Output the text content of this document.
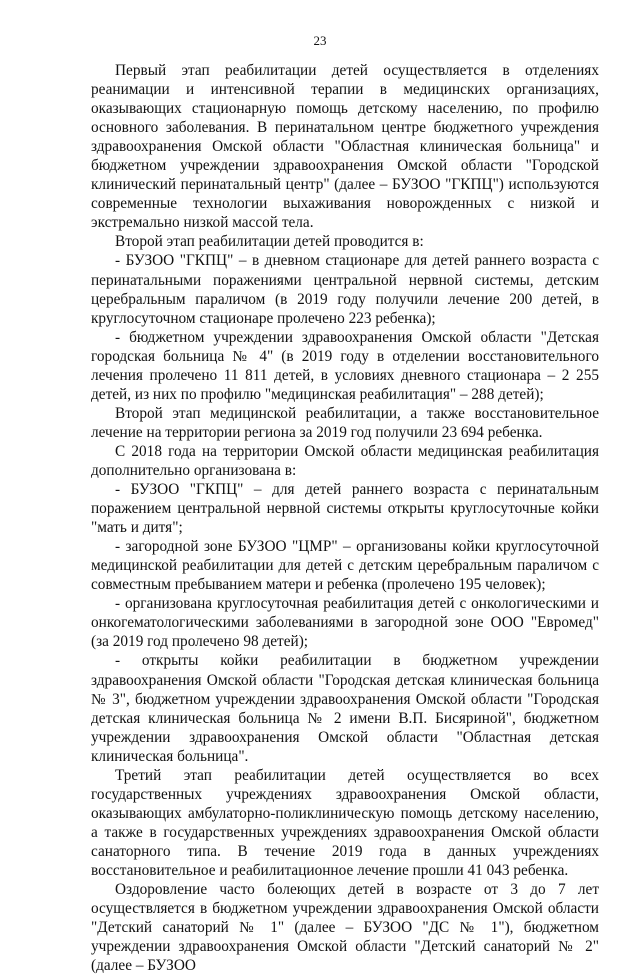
23

Первый этап реабилитации детей осуществляется в отделениях реанимации и интенсивной терапии в медицинских организациях, оказывающих стационарную помощь детскому населению, по профилю основного заболевания. В перинатальном центре бюджетного учреждения здравоохранения Омской области "Областная клиническая больница" и бюджетном учреждении здравоохранения Омской области "Городской клинический перинатальный центр" (далее – БУЗОО "ГКПЦ") используются современные технологии выхаживания новорожденных с низкой и экстремально низкой массой тела.

Второй этап реабилитации детей проводится в:

- БУЗОО "ГКПЦ" – в дневном стационаре для детей раннего возраста с перинатальными поражениями центральной нервной системы, детским церебральным параличом (в 2019 году получили лечение 200 детей, в круглосуточном стационаре пролечено 223 ребенка);

- бюджетном учреждении здравоохранения Омской области "Детская городская больница № 4" (в 2019 году в отделении восстановительного лечения пролечено 11 811 детей, в условиях дневного стационара – 2 255 детей, из них по профилю "медицинская реабилитация" – 288 детей);

Второй этап медицинской реабилитации, а также восстановительное лечение на территории региона за 2019 год получили 23 694 ребенка.

С 2018 года на территории Омской области медицинская реабилитация дополнительно организована в:

- БУЗОО "ГКПЦ" – для детей раннего возраста с перинатальным поражением центральной нервной системы открыты круглосуточные койки "мать и дитя";

- загородной зоне БУЗОО "ЦМР" – организованы койки круглосуточной медицинской реабилитации для детей с детским церебральным параличом с совместным пребыванием матери и ребенка (пролечено 195 человек);

- организована круглосуточная реабилитация детей с онкологическими и онкогематологическими заболеваниями в загородной зоне ООО "Евромед" (за 2019 год пролечено 98 детей);

- открыты койки реабилитации в бюджетном учреждении здравоохранения Омской области "Городская детская клиническая больница № 3", бюджетном учреждении здравоохранения Омской области "Городская детская клиническая больница № 2 имени В.П. Бисяриной", бюджетном учреждении здравоохранения Омской области "Областная детская клиническая больница".

Третий этап реабилитации детей осуществляется во всех государственных учреждениях здравоохранения Омской области, оказывающих амбулаторно-поликлиническую помощь детскому населению, а также в государственных учреждениях здравоохранения Омской области санаторного типа. В течение 2019 года в данных учреждениях восстановительное и реабилитационное лечение прошли 41 043 ребенка.

Оздоровление часто болеющих детей в возрасте от 3 до 7 лет осуществляется в бюджетном учреждении здравоохранения Омской области "Детский санаторий № 1" (далее – БУЗОО "ДС № 1"), бюджетном учреждении здравоохранения Омской области "Детский санаторий № 2" (далее – БУЗОО
